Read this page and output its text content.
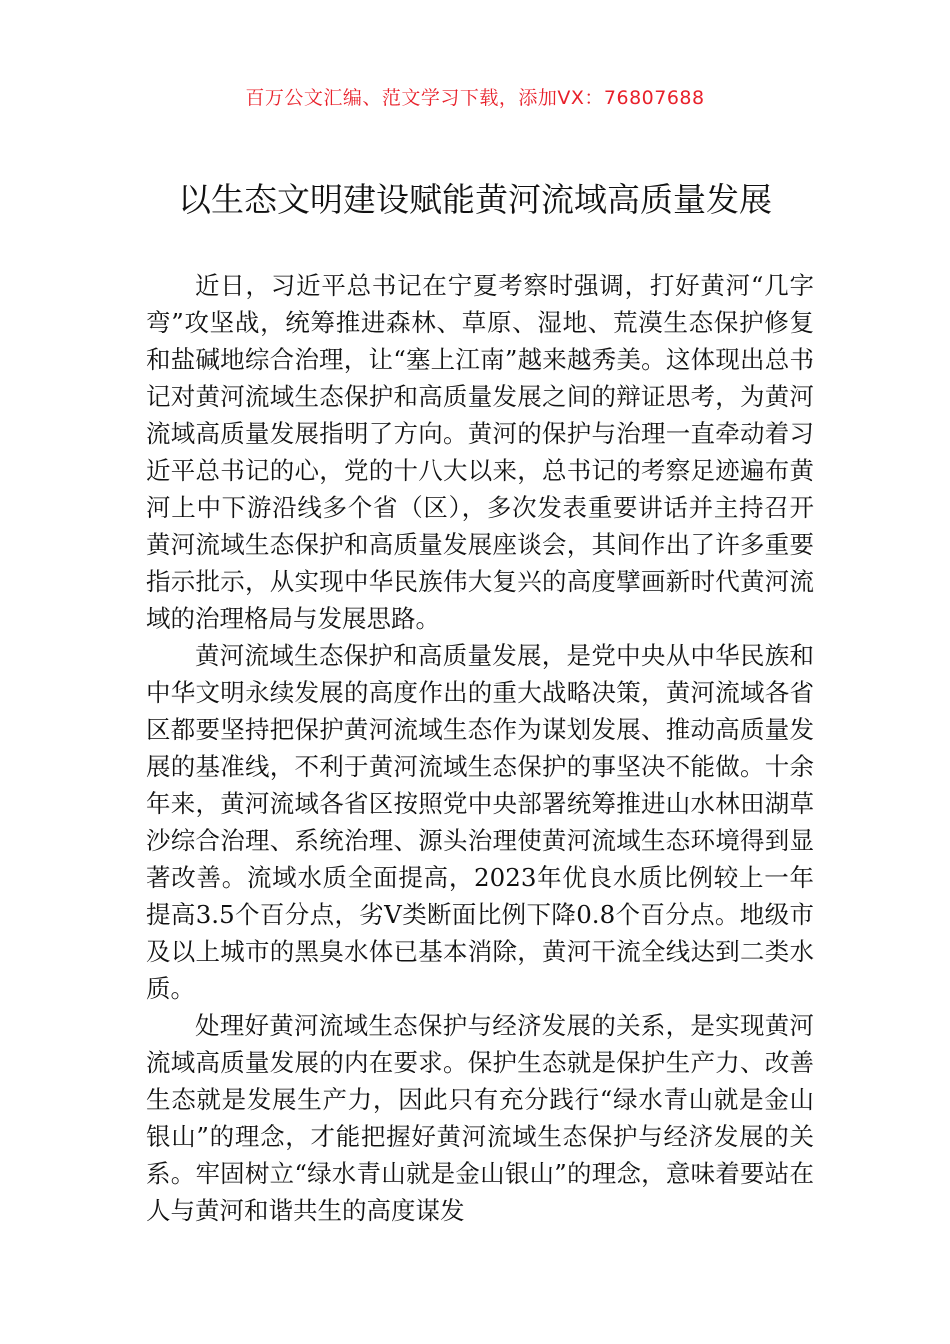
百万公文汇编、范文学习下载，添加VX：76807688
以生态文明建设赋能黄河流域高质量发展

近日，习近平总书记在宁夏考察时强调，打好黄河“几字弯”攻坚战，统筹推进森林、草原、湿地、荒漠生态保护修复和盐碱地综合治理，让“塞上江南”越来越秀美。这体现出总书记对黄河流域生态保护和高质量发展之间的辩证思考，为黄河流域高质量发展指明了方向。黄河的保护与治理一直牵动着习近平总书记的心，党的十八大以来，总书记的考察足迹遍布黄河上中下游沿线多个省（区），多次发表重要讲话并主持召开黄河流域生态保护和高质量发展座谈会，其间作出了许多重要指示批示，从实现中华民族伟大复兴的高度擘画新时代黄河流域的治理格局与发展思路。

黄河流域生态保护和高质量发展，是党中央从中华民族和中华文明永续发展的高度作出的重大战略决策，黄河流域各省区都要坚持把保护黄河流域生态作为谋划发展、推动高质量发展的基准线，不利于黄河流域生态保护的事坚决不能做。十余年来，黄河流域各省区按照党中央部署统筹推进山水林田湖草沙综合治理、系统治理、源头治理使黄河流域生态环境得到显著改善。流域水质全面提高，2023年优良水质比例较上一年提高3.5个百分点，劣Ⅴ类断面比例下降0.8个百分点。地级市及以上城市的黑臭水体已基本消除，黄河干流全线达到二类水质。

处理好黄河流域生态保护与经济发展的关系，是实现黄河流域高质量发展的内在要求。保护生态就是保护生产力、改善生态就是发展生产力，因此只有充分践行“绿水青山就是金山银山”的理念，才能把握好黄河流域生态保护与经济发展的关系。牢固树立“绿水青山就是金山银山”的理念，意味着要站在人与黄河和谐共生的高度谋发
